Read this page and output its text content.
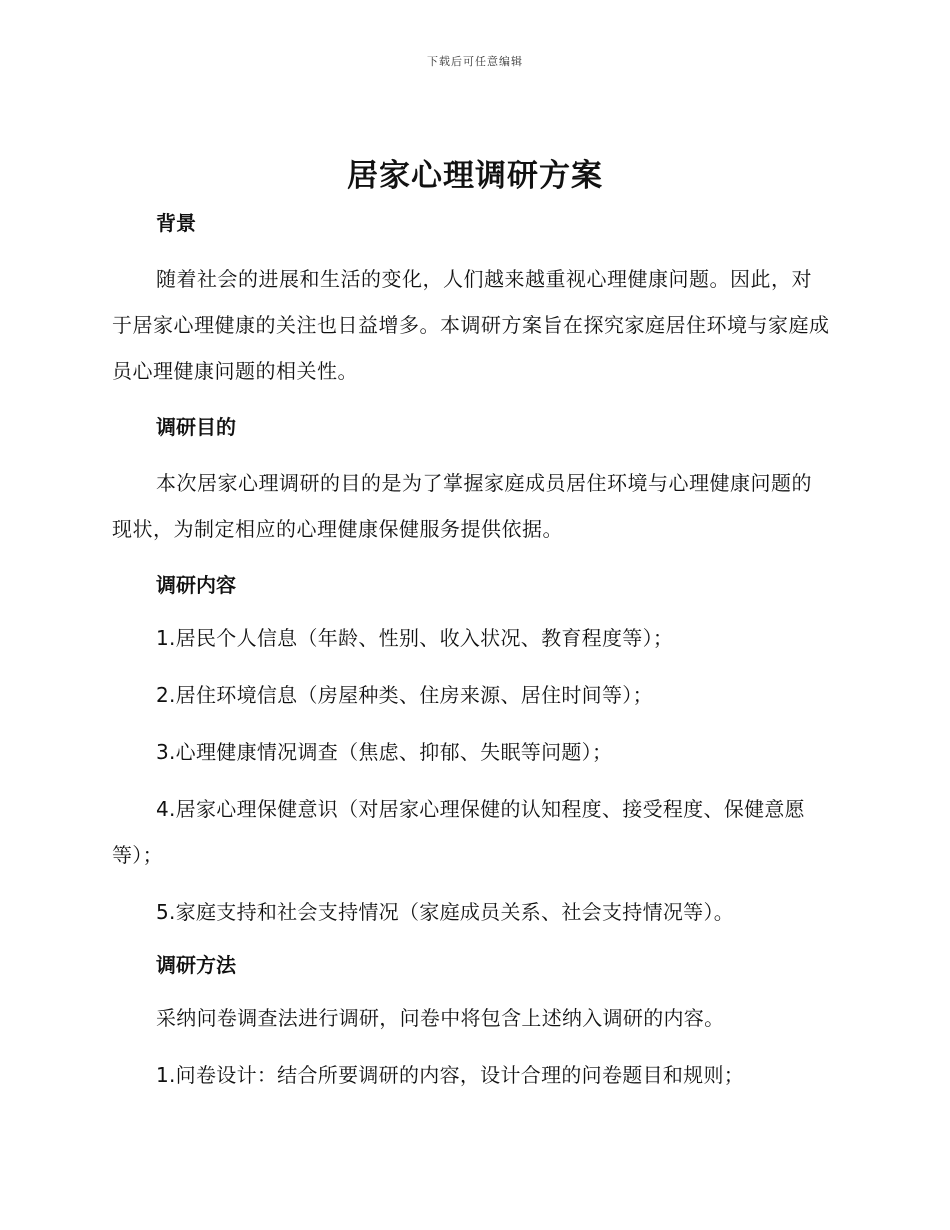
下载后可任意编辑
居家心理调研方案
背景

随着社会的进展和生活的变化，人们越来越重视心理健康问题。因此，对于居家心理健康的关注也日益增多。本调研方案旨在探究家庭居住环境与家庭成员心理健康问题的相关性。

调研目的

本次居家心理调研的目的是为了掌握家庭成员居住环境与心理健康问题的现状，为制定相应的心理健康保健服务提供依据。

调研内容

1.居民个人信息（年龄、性别、收入状况、教育程度等）；

2.居住环境信息（房屋种类、住房来源、居住时间等）；

3.心理健康情况调查（焦虑、抑郁、失眠等问题）；

4.居家心理保健意识（对居家心理保健的认知程度、接受程度、保健意愿等）；

5.家庭支持和社会支持情况（家庭成员关系、社会支持情况等）。

调研方法

采纳问卷调查法进行调研，问卷中将包含上述纳入调研的内容。

1.问卷设计：结合所要调研的内容，设计合理的问卷题目和规则；
